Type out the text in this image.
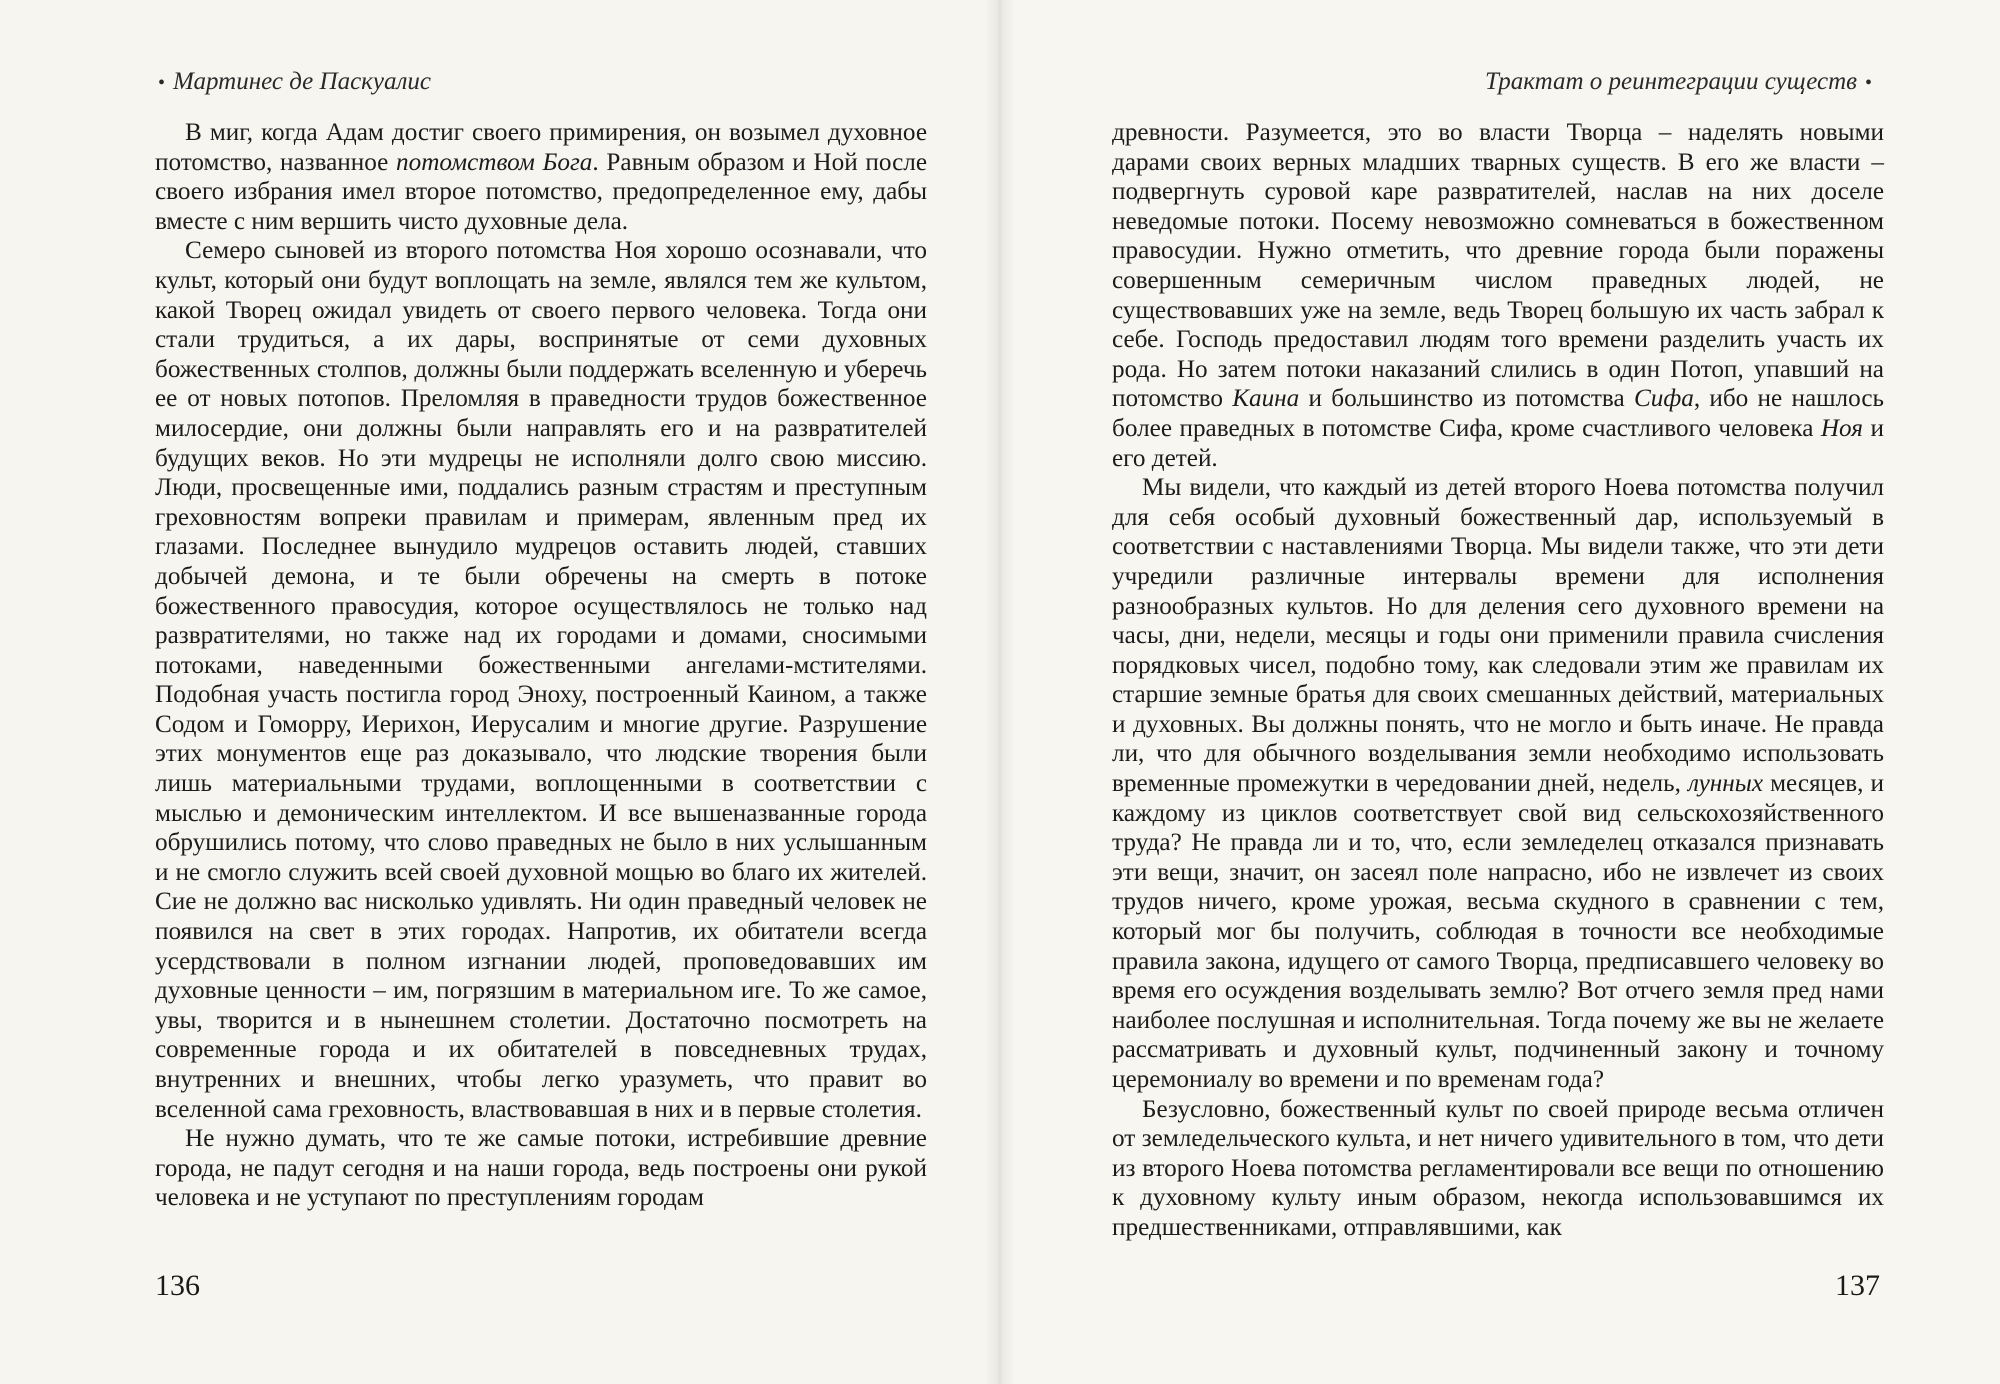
• Мартинес де Паскуалис

В миг, когда Адам достиг своего примирения, он возымел духовное потомство, названное потомством Бога. Равным образом и Ной после своего избрания имел второе потомство, предопределенное ему, дабы вместе с ним вершить чисто духовные дела.

Семеро сыновей из второго потомства Ноя хорошо осознавали, что культ, который они будут воплощать на земле, являлся тем же культом, какой Творец ожидал увидеть от своего первого человека. Тогда они стали трудиться, а их дары, воспринятые от семи духовных божественных столпов, должны были поддержать вселенную и уберечь ее от новых потопов. Преломляя в праведности трудов божественное милосердие, они должны были направлять его и на развратителей будущих веков. Но эти мудрецы не исполняли долго свою миссию. Люди, просвещенные ими, поддались разным страстям и преступным греховностям вопреки правилам и примерам, явленным пред их глазами. Последнее вынудило мудрецов оставить людей, ставших добычей демона, и те были обречены на смерть в потоке божественного правосудия, которое осуществлялось не только над развратителями, но также над их городами и домами, сносимыми потоками, наведенными божественными ангелами-мстителями. Подобная участь постигла город Эноху, построенный Каином, а также Содом и Гоморру, Иерихон, Иерусалим и многие другие. Разрушение этих монументов еще раз доказывало, что людские творения были лишь материальными трудами, воплощенными в соответствии с мыслью и демоническим интеллектом. И все вышеназванные города обрушились потому, что слово праведных не было в них услышанным и не смогло служить всей своей духовной мощью во благо их жителей. Сие не должно вас нисколько удивлять. Ни один праведный человек не появился на свет в этих городах. Напротив, их обитатели всегда усердствовали в полном изгнании людей, проповедовавших им духовные ценности – им, погрязшим в материальном иге. То же самое, увы, творится и в нынешнем столетии. Достаточно посмотреть на современные города и их обитателей в повседневных трудах, внутренних и внешних, чтобы легко уразуметь, что правит во вселенной сама греховность, властвовавшая в них и в первые столетия.

Не нужно думать, что те же самые потоки, истребившие древние города, не падут сегодня и на наши города, ведь построены они рукой человека и не уступают по преступлениям городам

136
Трактат о реинтеграции существ •

древности. Разумеется, это во власти Творца – наделять новыми дарами своих верных младших тварных существ. В его же власти – подвергнуть суровой каре развратителей, наслав на них доселе неведомые потоки. Посему невозможно сомневаться в божественном правосудии. Нужно отметить, что древние города были поражены совершенным семеричным числом праведных людей, не существовавших уже на земле, ведь Творец большую их часть забрал к себе. Господь предоставил людям того времени разделить участь их рода. Но затем потоки наказаний слились в один Потоп, упавший на потомство Каина и большинство из потомства Сифа, ибо не нашлось более праведных в потомстве Сифа, кроме счастливого человека Ноя и его детей.

Мы видели, что каждый из детей второго Ноева потомства получил для себя особый духовный божественный дар, используемый в соответствии с наставлениями Творца. Мы видели также, что эти дети учредили различные интервалы времени для исполнения разнообразных культов. Но для деления сего духовного времени на часы, дни, недели, месяцы и годы они применили правила счисления порядковых чисел, подобно тому, как следовали этим же правилам их старшие земные братья для своих смешанных действий, материальных и духовных. Вы должны понять, что не могло и быть иначе. Не правда ли, что для обычного возделывания земли необходимо использовать временные промежутки в чередовании дней, недель, лунных месяцев, и каждому из циклов соответствует свой вид сельскохозяйственного труда? Не правда ли и то, что, если земледелец отказался признавать эти вещи, значит, он засеял поле напрасно, ибо не извлечет из своих трудов ничего, кроме урожая, весьма скудного в сравнении с тем, который мог бы получить, соблюдая в точности все необходимые правила закона, идущего от самого Творца, предписавшего человеку во время его осуждения возделывать землю? Вот отчего земля пред нами наиболее послушная и исполнительная. Тогда почему же вы не желаете рассматривать и духовный культ, подчиненный закону и точному церемониалу во времени и по временам года?

Безусловно, божественный культ по своей природе весьма отличен от земледельческого культа, и нет ничего удивительного в том, что дети из второго Ноева потомства регламентировали все вещи по отношению к духовному культу иным образом, некогда использовавшимся их предшественниками, отправлявшими, как

137
